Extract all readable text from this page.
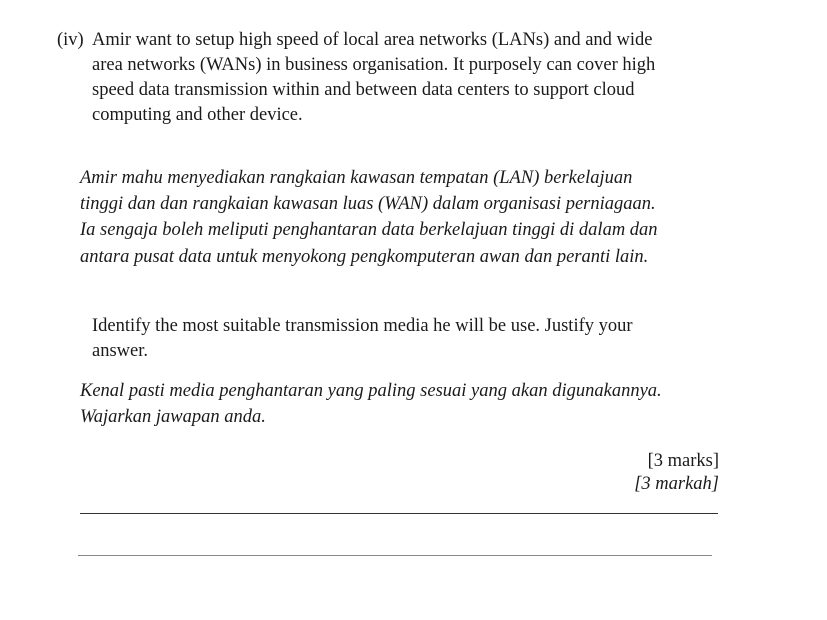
(iv) Amir want to setup high speed of local area networks (LANs) and and wide
area networks (WANs) in business organisation. It purposely can cover high
speed data transmission within and between data centers to support cloud
computing and other device.
Amir mahu menyediakan rangkaian kawasan tempatan (LAN) berkelajuan
tinggi dan dan rangkaian kawasan luas (WAN) dalam organisasi perniagaan.
Ia sengaja boleh meliputi penghantaran data berkelajuan tinggi di dalam dan
antara pusat data untuk menyokong pengkomputeran awan dan peranti lain.
Identify the most suitable transmission media he will be use. Justify your
answer.
Kenal pasti media penghantaran yang paling sesuai yang akan digunakannya.
Wajarkan jawapan anda.
[3 marks]
[3 markah]
